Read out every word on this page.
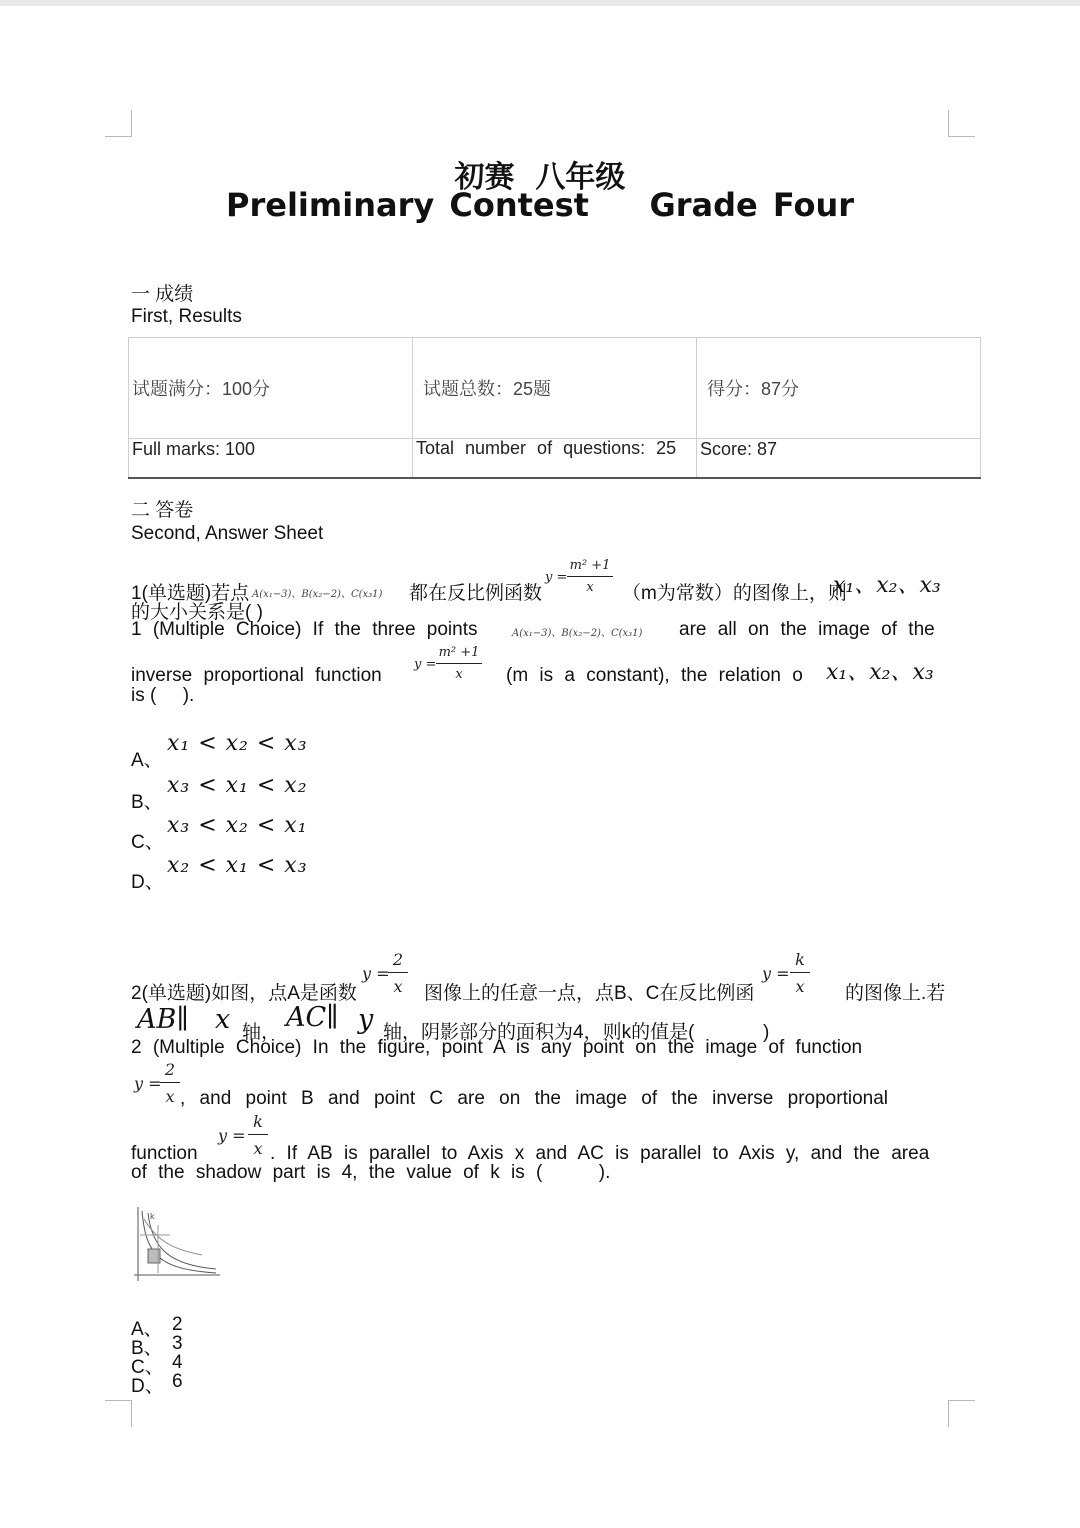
初赛  八年级
Preliminary Contest    Grade Four
一 成绩
First, Results
试题满分：100分	试题总数：25题	得分：87分
Full marks: 100	Total number of questions: 25	Score: 87
二 答卷
Second, Answer Sheet
1(单选题)若点 A(x₁−3)、B(x₂−2)、C(x₃1) 都在反比例函数
y =
m² +1
x	（m为常数）的图像上，则
x₁、x₂、x₃
的大小关系是( )
1 (Multiple Choice) If the three points	A(x₁−3)、B(x₂−2)、C(x₃1) are all on the image of the
inverse proportional function
y =
m² +1
x	(m is a constant), the relation o x₁、x₂、x₃
is (     ).
A、
x₁ < x₂ < x₃
B、
x₃ < x₁ < x₂
C、
x₃ < x₂ < x₁
D、
x₂ < x₁ < x₃
2(单选题)如图，点A是函数
y =
2
x 图像上的任意一点，点B、C在反比例函
y =
k
x 的图像上.若
AB∥ x 轴， AC∥ y 轴，阴影部分的面积为4，则k的值是(             )
2 (Multiple Choice) In the figure, point A is any point on the image of function
y =
2
x , and point B and point C are on the image of the inverse proportional
function
y =
k
x . If AB is parallel to Axis x and AC is parallel to Axis y, and the area
of the shadow part is 4, the value of k is (     ).
k
A、 2
B、 3
C、 4
D、 6
